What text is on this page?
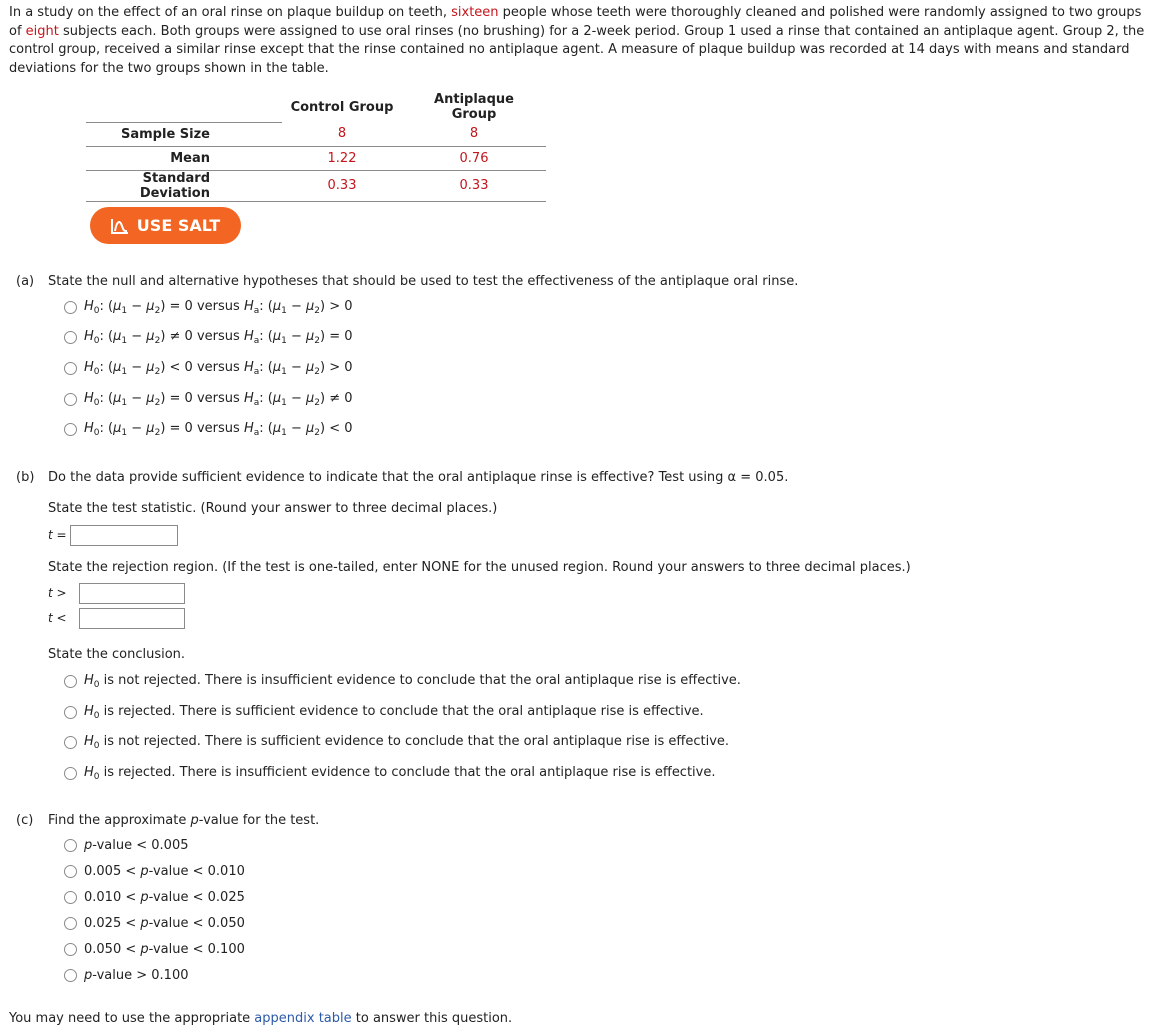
In a study on the effect of an oral rinse on plaque buildup on teeth, sixteen people whose teeth were thoroughly cleaned and polished were randomly assigned to two groups of eight subjects each. Both groups were assigned to use oral rinses (no brushing) for a 2-week period. Group 1 used a rinse that contained an antiplaque agent. Group 2, the control group, received a similar rinse except that the rinse contained no antiplaque agent. A measure of plaque buildup was recorded at 14 days with means and standard deviations for the two groups shown in the table.
	Control Group	Antiplaque Group
Sample Size	8	8
Mean	1.22	0.76
Standard Deviation	0.33	0.33
USE SALT
(a) State the null and alternative hypotheses that should be used to test the effectiveness of the antiplaque oral rinse.
$H_0$: $(\mu_1 - \mu_2) = 0$ versus $H_a$: $(\mu_1 - \mu_2) > 0$
$H_0$: $(\mu_1 - \mu_2) \ne 0$ versus $H_a$: $(\mu_1 - \mu_2) = 0$
$H_0$: $(\mu_1 - \mu_2) < 0$ versus $H_a$: $(\mu_1 - \mu_2) > 0$
$H_0$: $(\mu_1 - \mu_2) = 0$ versus $H_a$: $(\mu_1 - \mu_2) \ne 0$
$H_0$: $(\mu_1 - \mu_2) = 0$ versus $H_a$: $(\mu_1 - \mu_2) < 0$
(b) Do the data provide sufficient evidence to indicate that the oral antiplaque rinse is effective? Test using α = 0.05.
State the test statistic. (Round your answer to three decimal places.)
t =
State the rejection region. (If the test is one-tailed, enter NONE for the unused region. Round your answers to three decimal places.)
t >
t <
State the conclusion.
$H_0$ is not rejected. There is insufficient evidence to conclude that the oral antiplaque rise is effective.
$H_0$ is rejected. There is sufficient evidence to conclude that the oral antiplaque rise is effective.
$H_0$ is not rejected. There is sufficient evidence to conclude that the oral antiplaque rise is effective.
$H_0$ is rejected. There is insufficient evidence to conclude that the oral antiplaque rise is effective.
(c) Find the approximate p-value for the test.
p-value < 0.005
0.005 < p-value < 0.010
0.010 < p-value < 0.025
0.025 < p-value < 0.050
0.050 < p-value < 0.100
p-value > 0.100
You may need to use the appropriate appendix table to answer this question.
